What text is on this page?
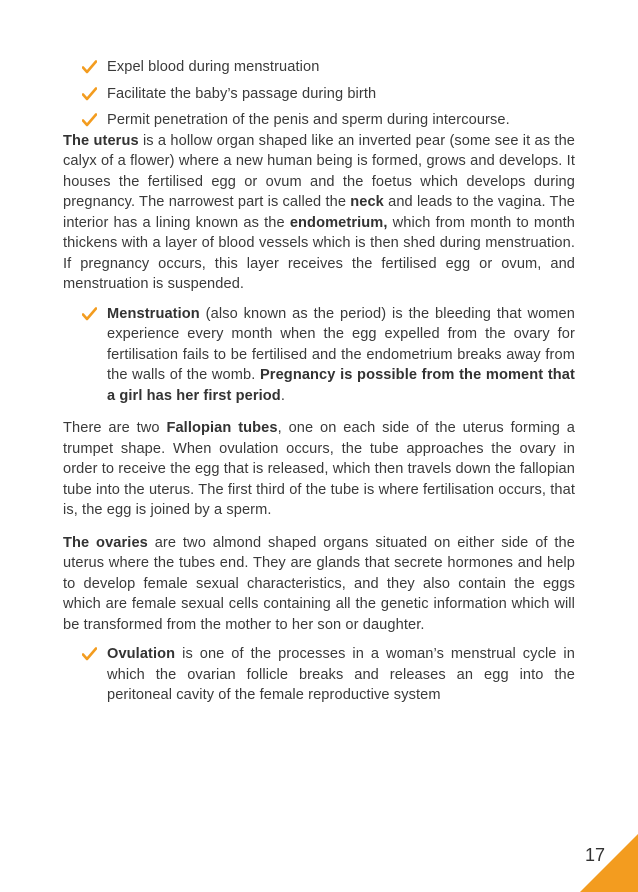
Expel blood during menstruation

Facilitate the baby’s passage during birth

Permit penetration of the penis and sperm during intercourse.

The uterus is a hollow organ shaped like an inverted pear (some see it as the calyx of a flower) where a new human being is formed, grows and develops. It houses the fertilised egg or ovum and the foetus which develops during pregnancy. The narrowest part is called the neck and leads to the vagina. The interior has a lining known as the endometrium, which from month to month thickens with a layer of blood vessels which is then shed during menstruation. If pregnancy occurs, this layer receives the fertilised egg or ovum, and menstruation is suspended.

Menstruation (also known as the period) is the bleeding that women experience every month when the egg expelled from the ovary for fertilisation fails to be fertilised and the endometrium breaks away from the walls of the womb. Pregnancy is possible from the moment that a girl has her first period.

There are two Fallopian tubes, one on each side of the uterus forming a trumpet shape. When ovulation occurs, the tube approaches the ovary in order to receive the egg that is released, which then travels down the fallopian tube into the uterus. The first third of the tube is where fertilisation occurs, that is, the egg is joined by a sperm.

The ovaries are two almond shaped organs situated on either side of the uterus where the tubes end. They are glands that secrete hormones and help to develop female sexual characteristics, and they also contain the eggs which are female sexual cells containing all the genetic information which will be transformed from the mother to her son or daughter.

Ovulation is one of the processes in a woman’s menstrual cycle in which the ovarian follicle breaks and releases an egg into the peritoneal cavity of the female reproductive system

17
